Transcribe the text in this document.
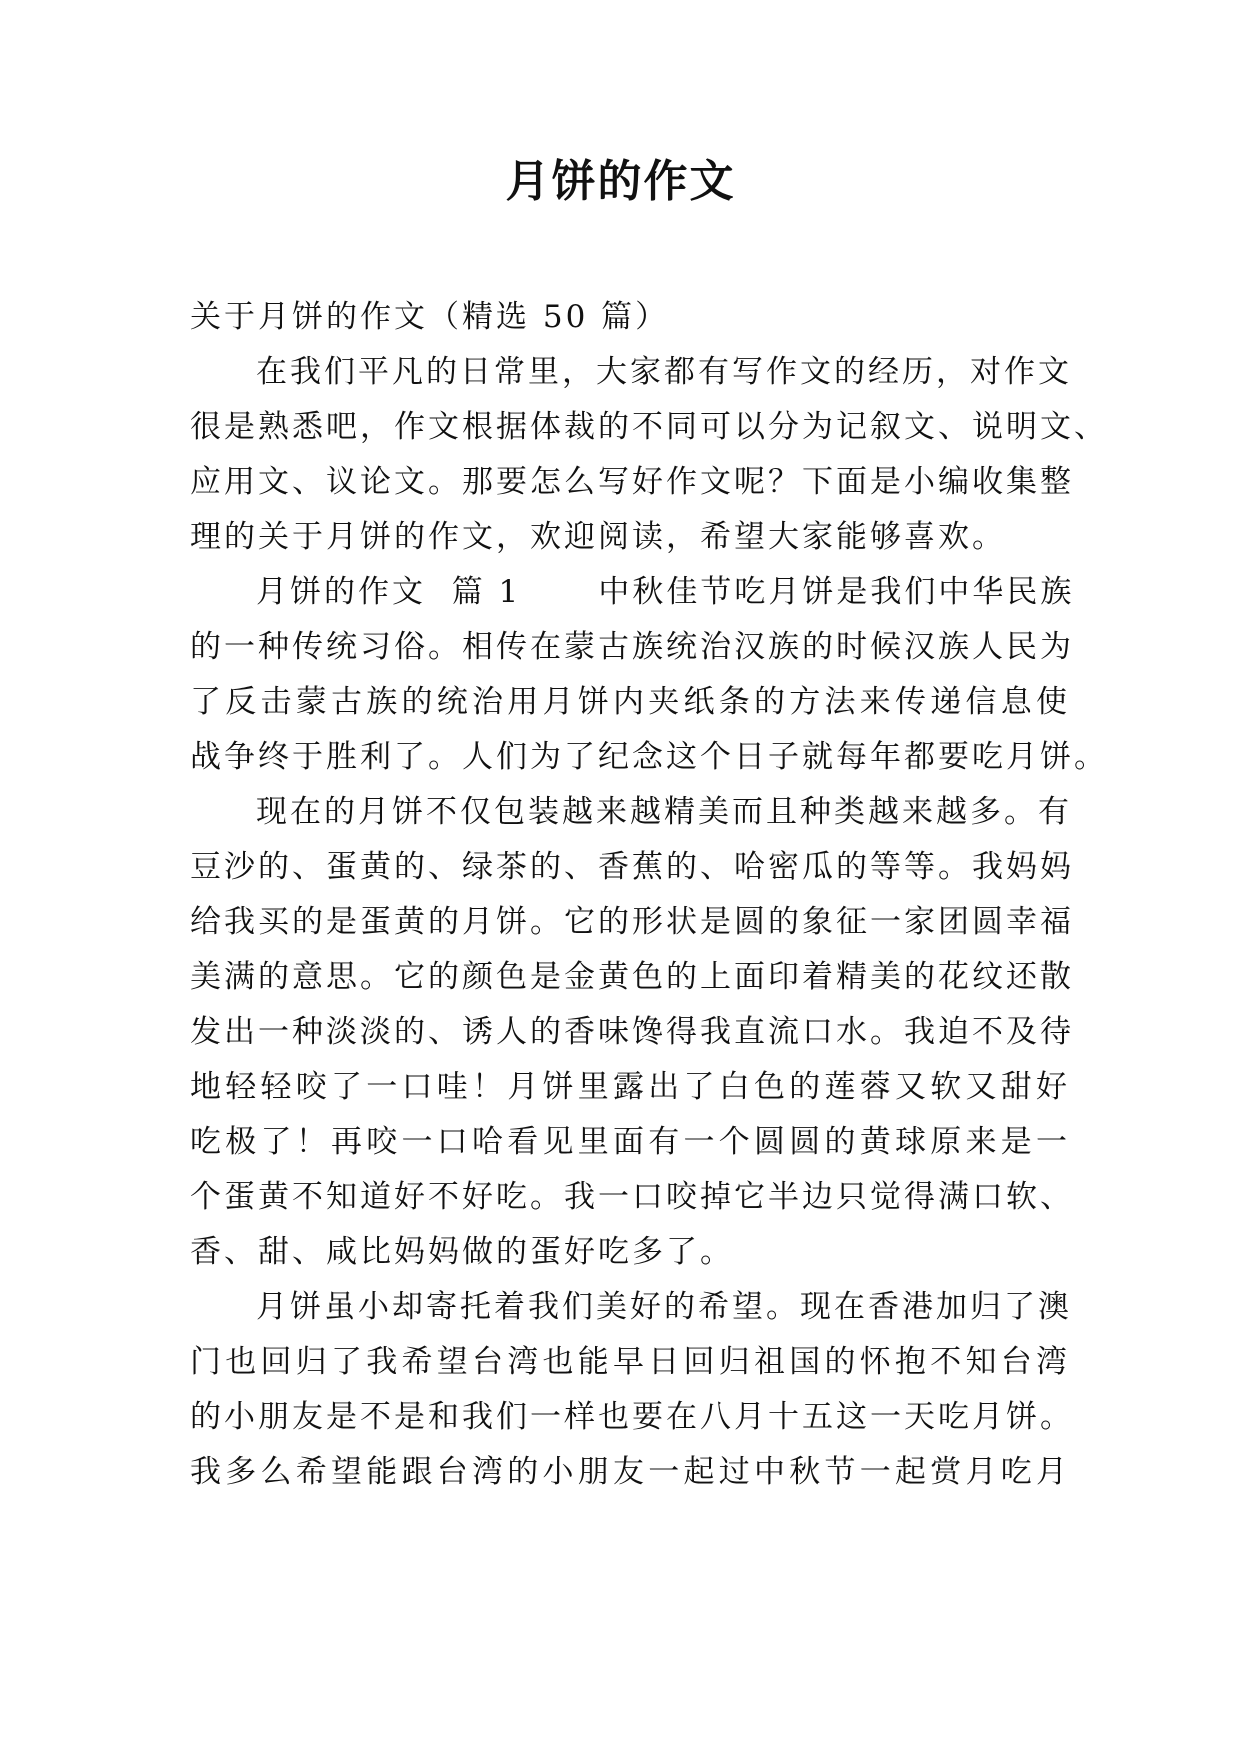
月饼的作文
关于月饼的作文（精选 50 篇）
在我们平凡的日常里，大家都有写作文的经历，对作文
很是熟悉吧，作文根据体裁的不同可以分为记叙文、说明文、
应用文、议论文。那要怎么写好作文呢？下面是小编收集整
理的关于月饼的作文，欢迎阅读，希望大家能够喜欢。
月饼的作文  篇 1      中秋佳节吃月饼是我们中华民族
的一种传统习俗。相传在蒙古族统治汉族的时候汉族人民为
了反击蒙古族的统治用月饼内夹纸条的方法来传递信息使
战争终于胜利了。人们为了纪念这个日子就每年都要吃月饼。
现在的月饼不仅包装越来越精美而且种类越来越多。有
豆沙的、蛋黄的、绿茶的、香蕉的、哈密瓜的等等。我妈妈
给我买的是蛋黄的月饼。它的形状是圆的象征一家团圆幸福
美满的意思。它的颜色是金黄色的上面印着精美的花纹还散
发出一种淡淡的、诱人的香味馋得我直流口水。我迫不及待
地轻轻咬了一口哇！月饼里露出了白色的莲蓉又软又甜好
吃极了！再咬一口哈看见里面有一个圆圆的黄球原来是一
个蛋黄不知道好不好吃。我一口咬掉它半边只觉得满口软、
香、甜、咸比妈妈做的蛋好吃多了。
月饼虽小却寄托着我们美好的希望。现在香港加归了澳
门也回归了我希望台湾也能早日回归祖国的怀抱不知台湾
的小朋友是不是和我们一样也要在八月十五这一天吃月饼。
我多么希望能跟台湾的小朋友一起过中秋节一起赏月吃月
